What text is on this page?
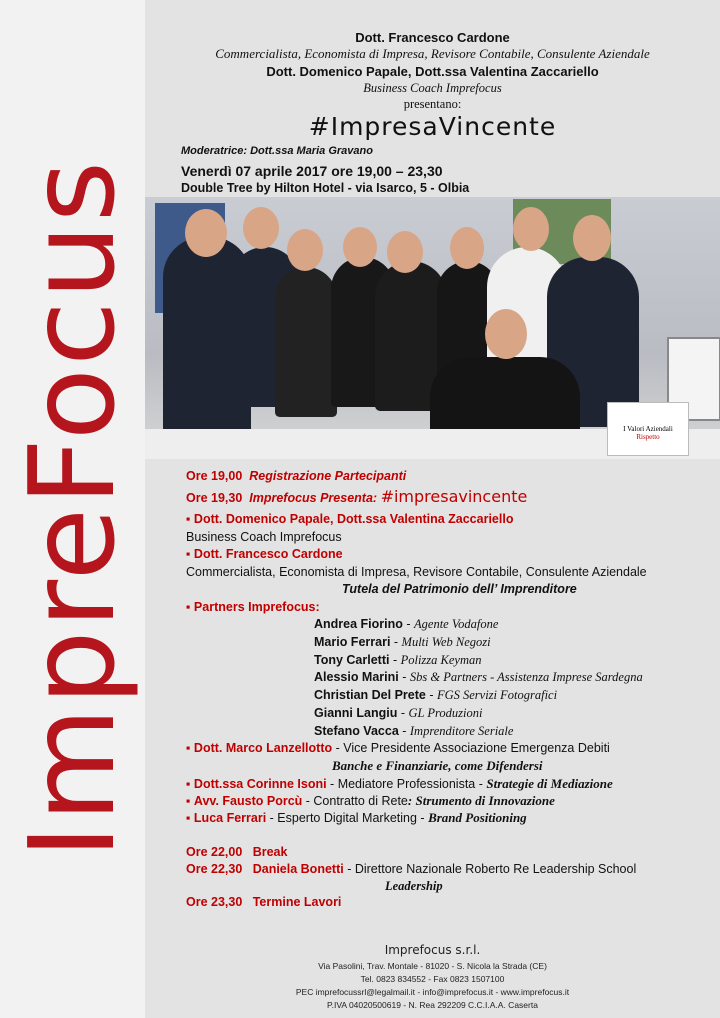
ImpreFocus
Dott. Francesco Cardone
Commercialista, Economista di Impresa, Revisore Contabile, Consulente Aziendale
Dott. Domenico Papale, Dott.ssa Valentina Zaccariello
Business Coach Imprefocus
presentano:
#ImpresaVincente
Moderatrice: Dott.ssa Maria Gravano
Venerdì 07 aprile 2017 ore 19,00 – 23,30
Double Tree by Hilton Hotel - via Isarco, 5 - Olbia
I Valori Aziendali
Rispetto
Ore 19,00 Registrazione Partecipanti
Ore 19,30 Imprefocus Presenta: #impresavincente
▪ Dott. Domenico Papale, Dott.ssa Valentina Zaccariello
Business Coach Imprefocus
▪ Dott. Francesco Cardone
Commercialista, Economista di Impresa, Revisore Contabile, Consulente Aziendale
Tutela del Patrimonio dell’ Imprenditore
▪ Partners Imprefocus:
Andrea Fiorino - Agente Vodafone
Mario Ferrari - Multi Web Negozi
Tony Carletti - Polizza Keyman
Alessio Marini - Sbs & Partners - Assistenza Imprese Sardegna
Christian Del Prete - FGS Servizi Fotografici
Gianni Langiu - GL Produzioni
Stefano Vacca - Imprenditore Seriale
▪ Dott. Marco Lanzellotto - Vice Presidente Associazione Emergenza Debiti
Banche e Finanziarie, come Difendersi
▪ Dott.ssa Corinne Isoni - Mediatore Professionista - Strategie di Mediazione
▪ Avv. Fausto Porcù - Contratto di Rete: Strumento di Innovazione
▪ Luca Ferrari - Esperto Digital Marketing - Brand Positioning
Ore 22,00 Break
Ore 22,30 Daniela Bonetti - Direttore Nazionale Roberto Re Leadership School
Leadership
Ore 23,30 Termine Lavori
Imprefocus s.r.l.
Via Pasolini, Trav. Montale - 81020 - S. Nicola la Strada (CE)
Tel. 0823 834552 - Fax 0823 1507100
PEC imprefocussrl@legalmail.it - info@imprefocus.it - www.imprefocus.it
P.IVA 04020500619 - N. Rea 292209 C.C.I.A.A. Caserta
